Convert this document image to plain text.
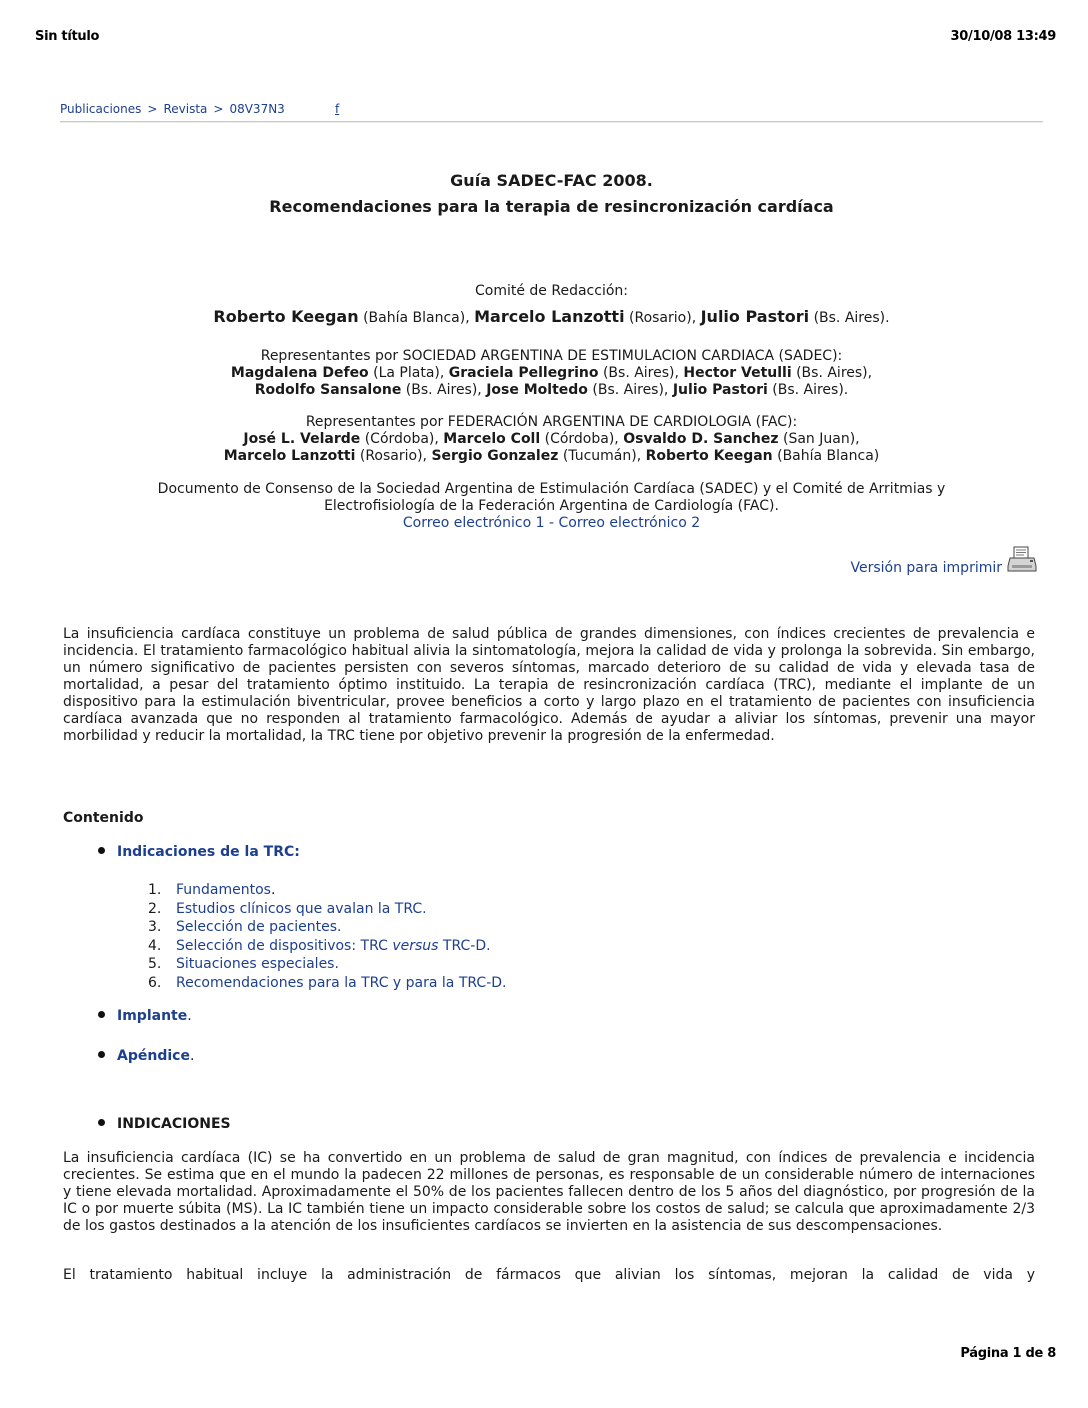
Sin título	30/10/08 13:49
Publicaciones > Revista > 08V37N3	f
Guía SADEC-FAC 2008.
Recomendaciones para la terapia de resincronización cardíaca
Comité de Redacción:
Roberto Keegan (Bahía Blanca), Marcelo Lanzotti (Rosario), Julio Pastori (Bs. Aires).
Representantes por SOCIEDAD ARGENTINA DE ESTIMULACION CARDIACA (SADEC):
Magdalena Defeo (La Plata), Graciela Pellegrino (Bs. Aires), Hector Vetulli (Bs. Aires),
Rodolfo Sansalone (Bs. Aires), Jose Moltedo (Bs. Aires), Julio Pastori (Bs. Aires).
Representantes por FEDERACIÓN ARGENTINA DE CARDIOLOGIA (FAC):
José L. Velarde (Córdoba), Marcelo Coll (Córdoba), Osvaldo D. Sanchez (San Juan),
Marcelo Lanzotti (Rosario), Sergio Gonzalez (Tucumán), Roberto Keegan (Bahía Blanca)
Documento de Consenso de la Sociedad Argentina de Estimulación Cardíaca (SADEC) y el Comité de Arritmias y
Electrofisiología de la Federación Argentina de Cardiología (FAC).
Correo electrónico 1 - Correo electrónico 2
Versión para imprimir
La insuficiencia cardíaca constituye un problema de salud pública de grandes dimensiones, con índices crecientes de prevalencia e incidencia. El tratamiento farmacológico habitual alivia la sintomatología, mejora la calidad de vida y prolonga la sobrevida. Sin embargo, un número significativo de pacientes persisten con severos síntomas, marcado deterioro de su calidad de vida y elevada tasa de mortalidad, a pesar del tratamiento óptimo instituido. La terapia de resincronización cardíaca (TRC), mediante el implante de un dispositivo para la estimulación biventricular, provee beneficios a corto y largo plazo en el tratamiento de pacientes con insuficiencia cardíaca avanzada que no responden al tratamiento farmacológico. Además de ayudar a aliviar los síntomas, prevenir una mayor morbilidad y reducir la mortalidad, la TRC tiene por objetivo prevenir la progresión de la enfermedad.
Contenido
Indicaciones de la TRC:
1. Fundamentos.
2. Estudios clínicos que avalan la TRC.
3. Selección de pacientes.
4. Selección de dispositivos: TRC versus TRC-D.
5. Situaciones especiales.
6. Recomendaciones para la TRC y para la TRC-D.
Implante.
Apéndice.
INDICACIONES
La insuficiencia cardíaca (IC) se ha convertido en un problema de salud de gran magnitud, con índices de prevalencia e incidencia crecientes. Se estima que en el mundo la padecen 22 millones de personas, es responsable de un considerable número de internaciones y tiene elevada mortalidad. Aproximadamente el 50% de los pacientes fallecen dentro de los 5 años del diagnóstico, por progresión de la IC o por muerte súbita (MS). La IC también tiene un impacto considerable sobre los costos de salud; se calcula que aproximadamente 2/3 de los gastos destinados a la atención de los insuficientes cardíacos se invierten en la asistencia de sus descompensaciones.
El tratamiento habitual incluye la administración de fármacos que alivian los síntomas, mejoran la calidad de vida y
Página 1 de 8
